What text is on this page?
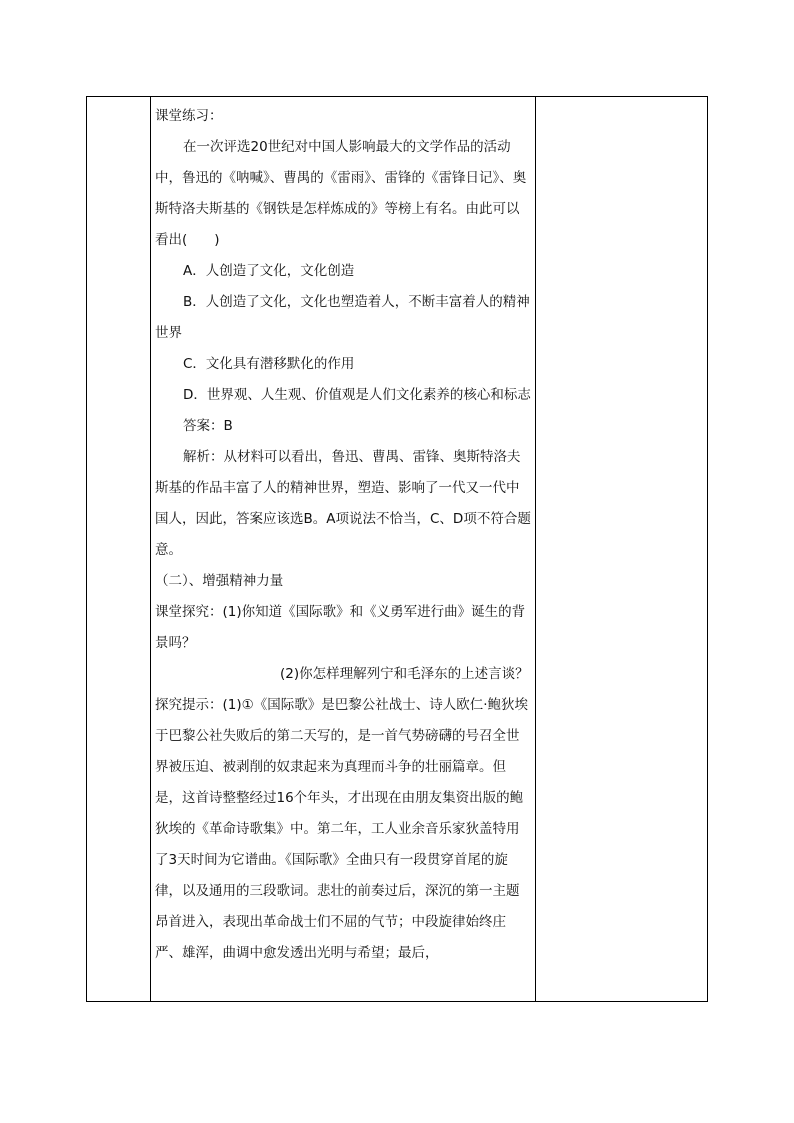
课堂练习：

在一次评选20世纪对中国人影响最大的文学作品的活动中，鲁迅的《呐喊》、曹禺的《雷雨》、雷锋的《雷锋日记》、奥斯特洛夫斯基的《钢铁是怎样炼成的》等榜上有名。由此可以看出(　　)

A．人创造了文化，文化创造

B．人创造了文化，文化也塑造着人，不断丰富着人的精神世界

C．文化具有潜移默化的作用

D．世界观、人生观、价值观是人们文化素养的核心和标志

答案：B

解析：从材料可以看出，鲁迅、曹禺、雷锋、奥斯特洛夫斯基的作品丰富了人的精神世界，塑造、影响了一代又一代中国人，因此，答案应该选B。A项说法不恰当，C、D项不符合题意。

（二）、增强精神力量

课堂探究：(1)你知道《国际歌》和《义勇军进行曲》诞生的背景吗？

(2)你怎样理解列宁和毛泽东的上述言谈？

探究提示：(1)①《国际歌》是巴黎公社战士、诗人欧仁·鲍狄埃于巴黎公社失败后的第二天写的，是一首气势磅礴的号召全世界被压迫、被剥削的奴隶起来为真理而斗争的壮丽篇章。但是，这首诗整整经过16个年头，才出现在由朋友集资出版的鲍狄埃的《革命诗歌集》中。第二年，工人业余音乐家狄盖特用了3天时间为它谱曲。《国际歌》全曲只有一段贯穿首尾的旋律，以及通用的三段歌词。悲壮的前奏过后，深沉的第一主题昂首进入，表现出革命战士们不屈的气节；中段旋律始终庄严、雄浑，曲调中愈发透出光明与希望；最后，
